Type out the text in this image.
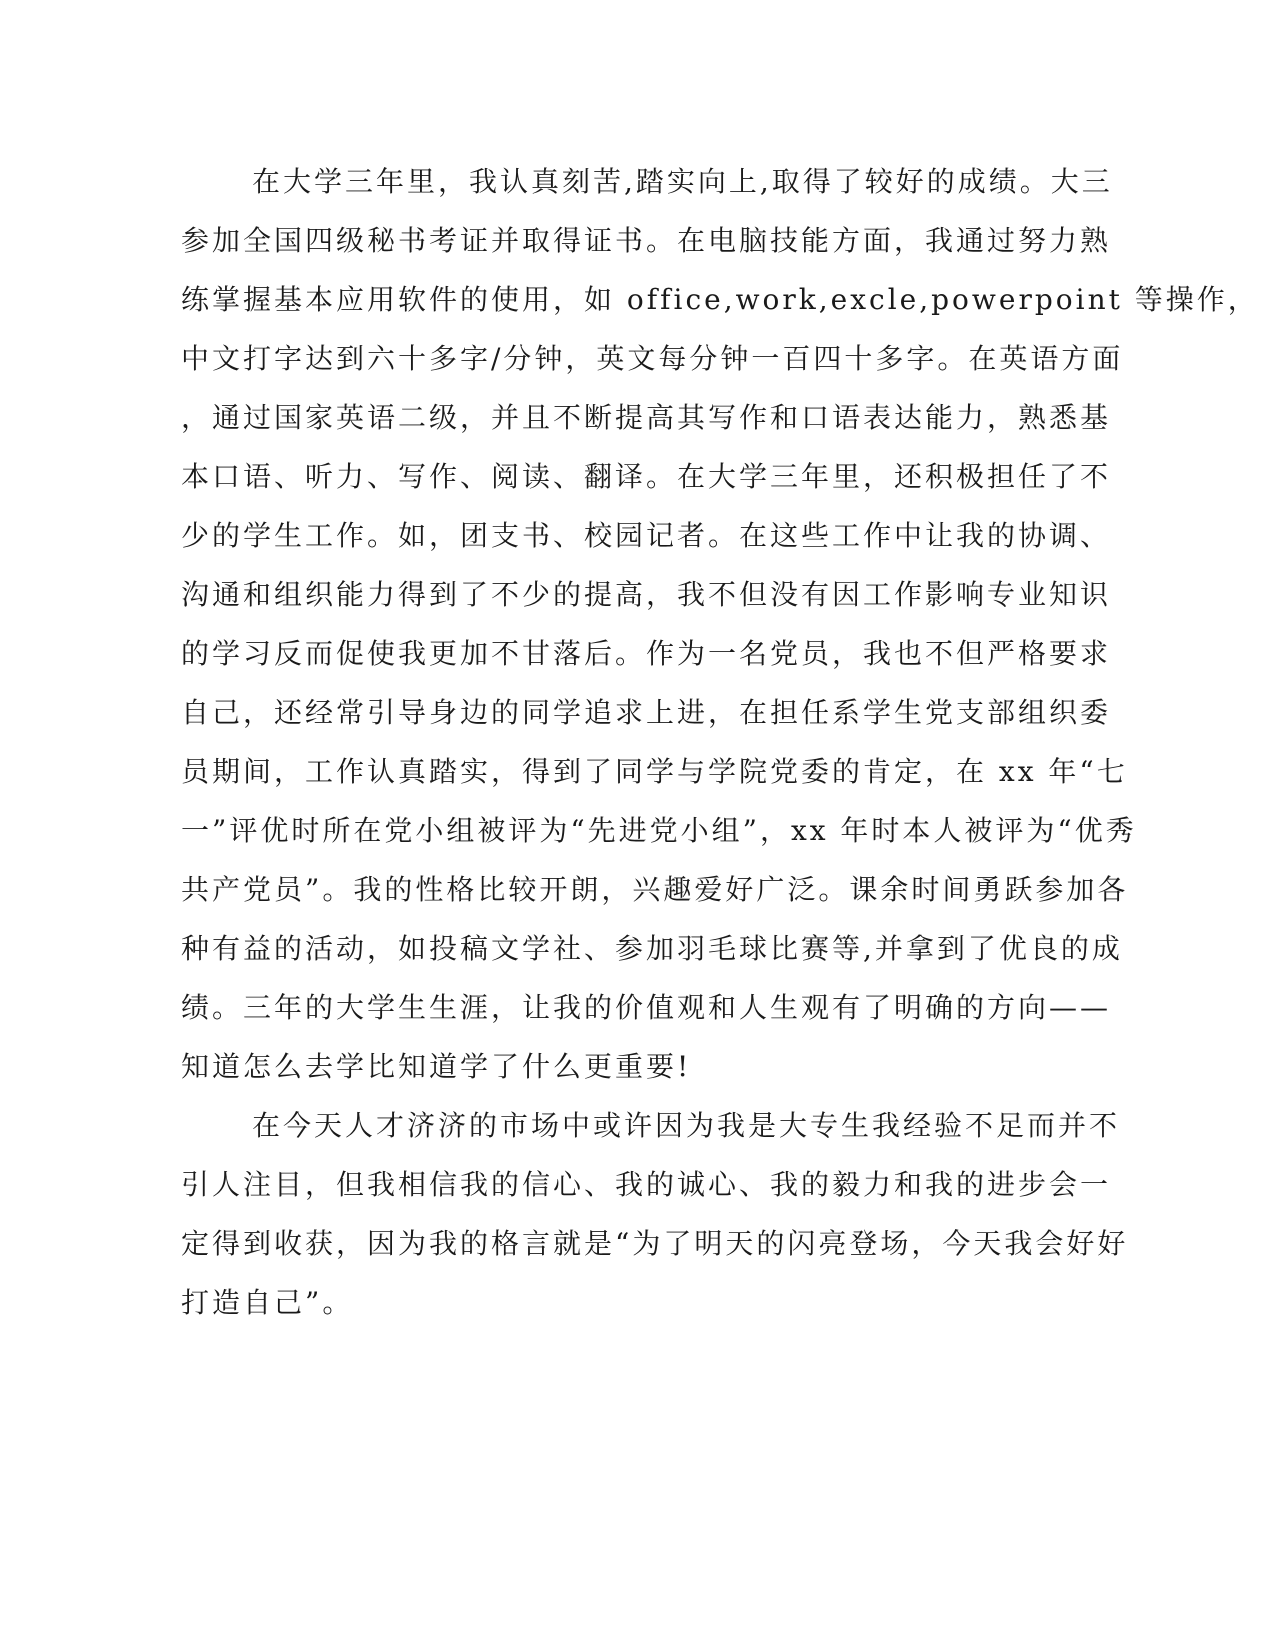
在大学三年里，我认真刻苦,踏实向上,取得了较好的成绩。大三
参加全国四级秘书考证并取得证书。在电脑技能方面，我通过努力熟
练掌握基本应用软件的使用，如 office,work,excle,powerpoint 等操作，
中文打字达到六十多字/分钟，英文每分钟一百四十多字。在英语方面
，通过国家英语二级，并且不断提高其写作和口语表达能力，熟悉基
本口语、听力、写作、阅读、翻译。在大学三年里，还积极担任了不
少的学生工作。如，团支书、校园记者。在这些工作中让我的协调、
沟通和组织能力得到了不少的提高，我不但没有因工作影响专业知识
的学习反而促使我更加不甘落后。作为一名党员，我也不但严格要求
自己，还经常引导身边的同学追求上进，在担任系学生党支部组织委
员期间，工作认真踏实，得到了同学与学院党委的肯定，在 xx 年“七
一”评优时所在党小组被评为“先进党小组”，xx 年时本人被评为“优秀
共产党员”。我的性格比较开朗，兴趣爱好广泛。课余时间勇跃参加各
种有益的活动，如投稿文学社、参加羽毛球比赛等,并拿到了优良的成
绩。三年的大学生生涯，让我的价值观和人生观有了明确的方向——
知道怎么去学比知道学了什么更重要!
在今天人才济济的市场中或许因为我是大专生我经验不足而并不
引人注目，但我相信我的信心、我的诚心、我的毅力和我的进步会一
定得到收获，因为我的格言就是“为了明天的闪亮登场，今天我会好好
打造自己”。
